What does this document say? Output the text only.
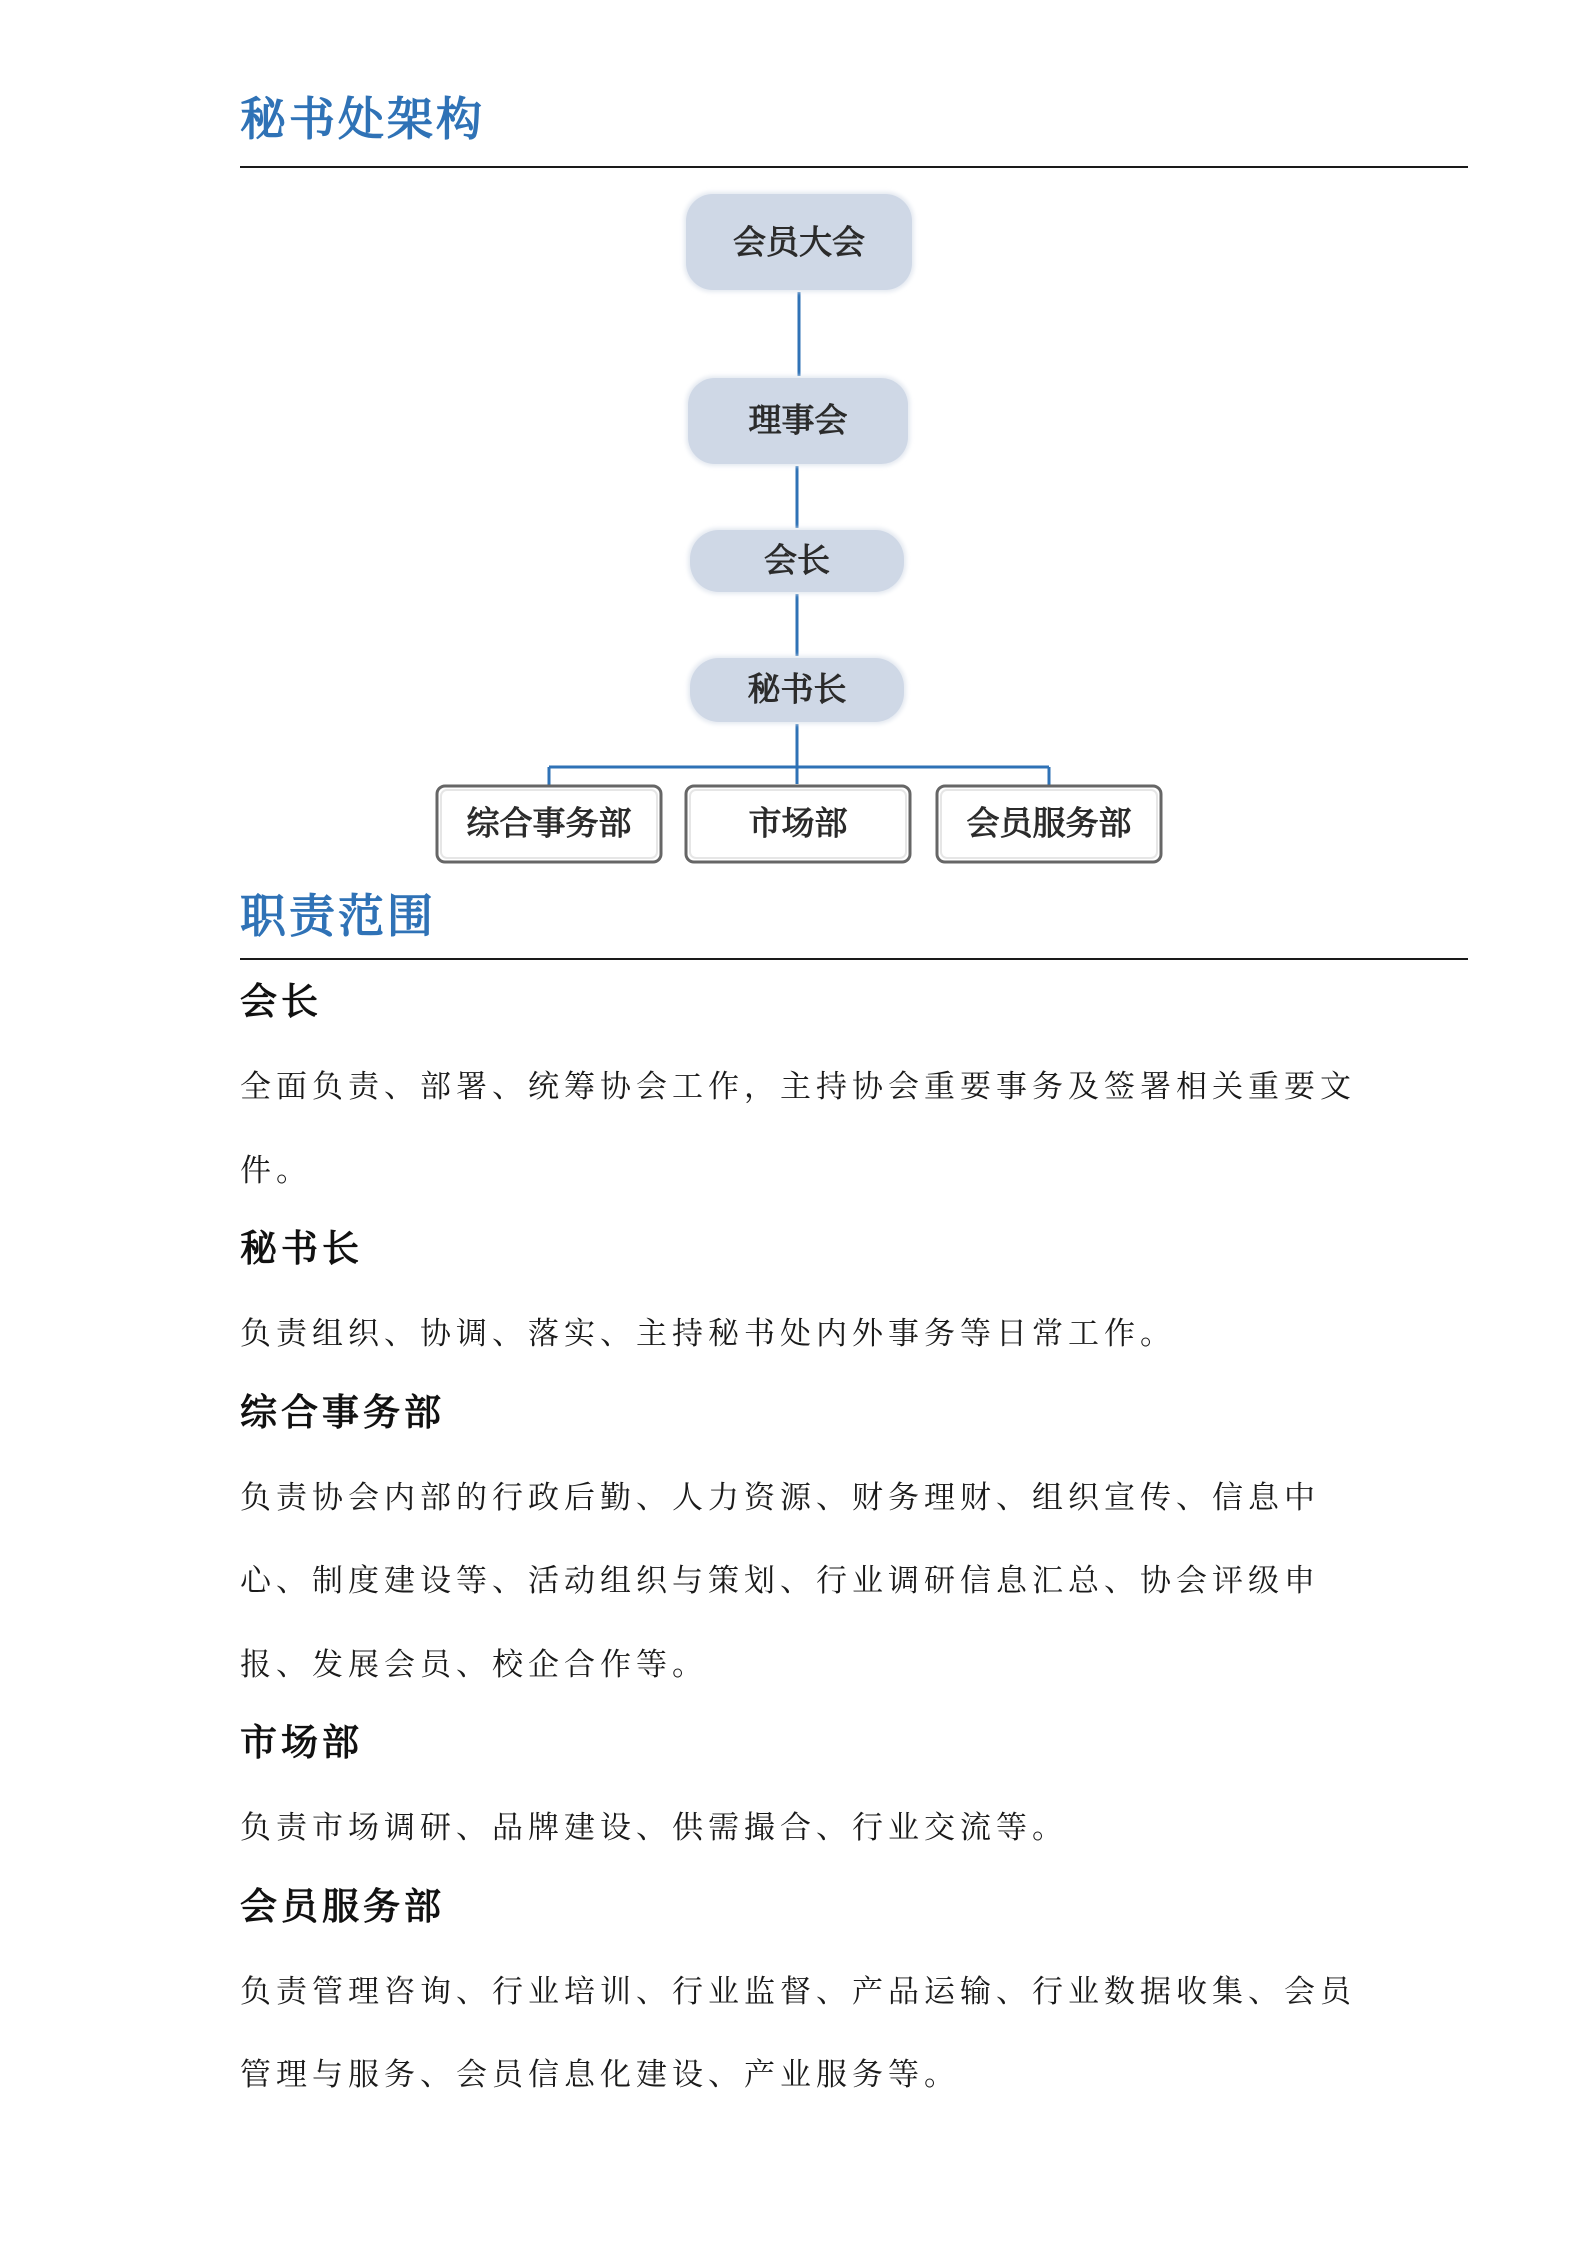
秘书处架构
会员大会
理事会
会长
秘书长
综合事务部	市场部	会员服务部
职责范围
会长
全面负责、部署、统筹协会工作，主持协会重要事务及签署相关重要文件。
秘书长
负责组织、协调、落实、主持秘书处内外事务等日常工作。
综合事务部
负责协会内部的行政后勤、人力资源、财务理财、组织宣传、信息中心、制度建设等、活动组织与策划、行业调研信息汇总、协会评级申报、发展会员、校企合作等。
市场部
负责市场调研、品牌建设、供需撮合、行业交流等。
会员服务部
负责管理咨询、行业培训、行业监督、产品运输、行业数据收集、会员管理与服务、会员信息化建设、产业服务等。
